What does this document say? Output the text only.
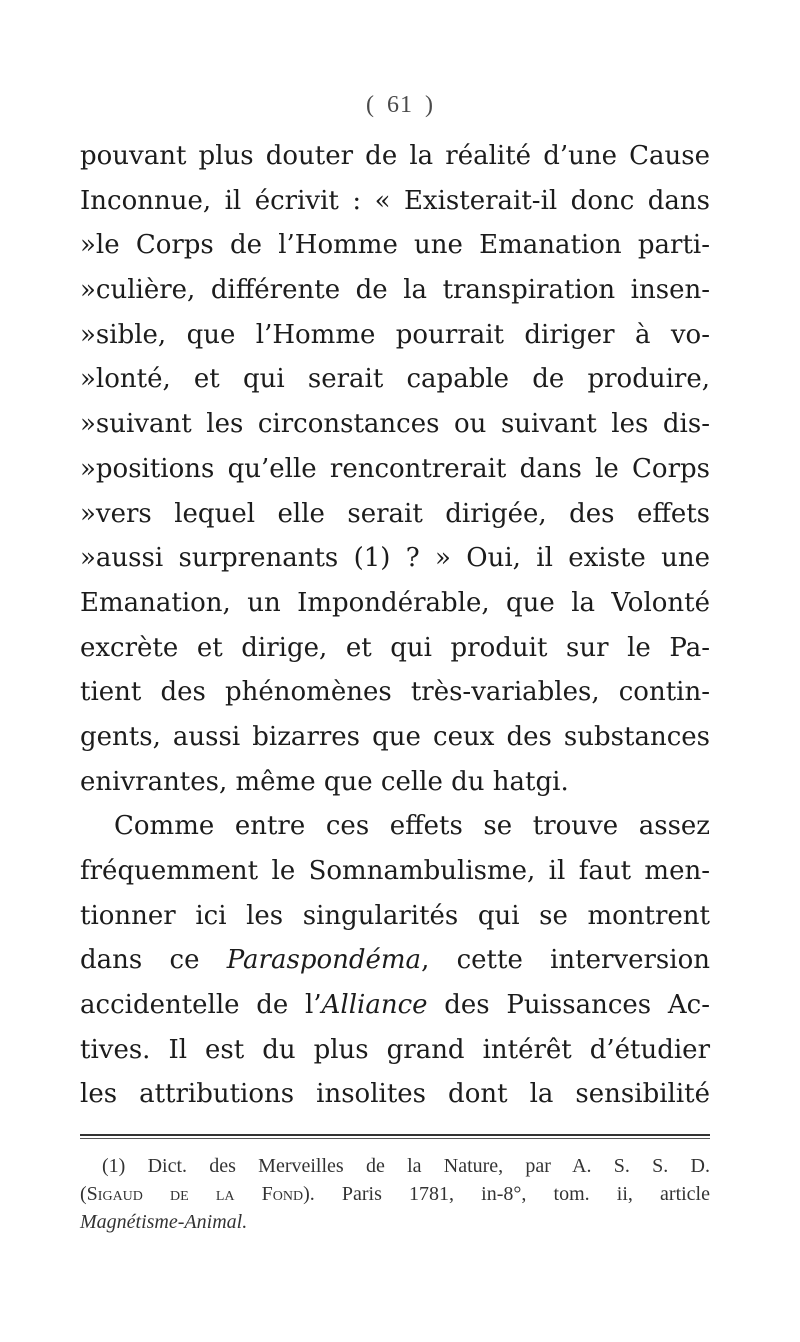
( 61 )
pouvant plus douter de la réalité d’une Cause
Inconnue, il écrivit : « Existerait-il donc dans
»le Corps de l’Homme une Emanation parti-
»culière, différente de la transpiration insen-
»sible, que l’Homme pourrait diriger à vo-
»lonté, et qui serait capable de produire,
»suivant les circonstances ou suivant les dis-
»positions qu’elle rencontrerait dans le Corps
»vers lequel elle serait dirigée, des effets
»aussi surprenants (1) ? » Oui, il existe une
Emanation, un Impondérable, que la Volonté
excrète et dirige, et qui produit sur le Pa-
tient des phénomènes très-variables, contin-
gents, aussi bizarres que ceux des substances
enivrantes, même que celle du hatgi.
Comme entre ces effets se trouve assez
fréquemment le Somnambulisme, il faut men-
tionner ici les singularités qui se montrent
dans ce Paraspondéma, cette interversion
accidentelle de l’Alliance des Puissances Ac-
tives. Il est du plus grand intérêt d’étudier
les attributions insolites dont la sensibilité
(1) Dict. des Merveilles de la Nature, par A. S. S. D.
(Sigaud de la Fond). Paris 1781, in-8°, tom. ii, article
Magnétisme-Animal.
